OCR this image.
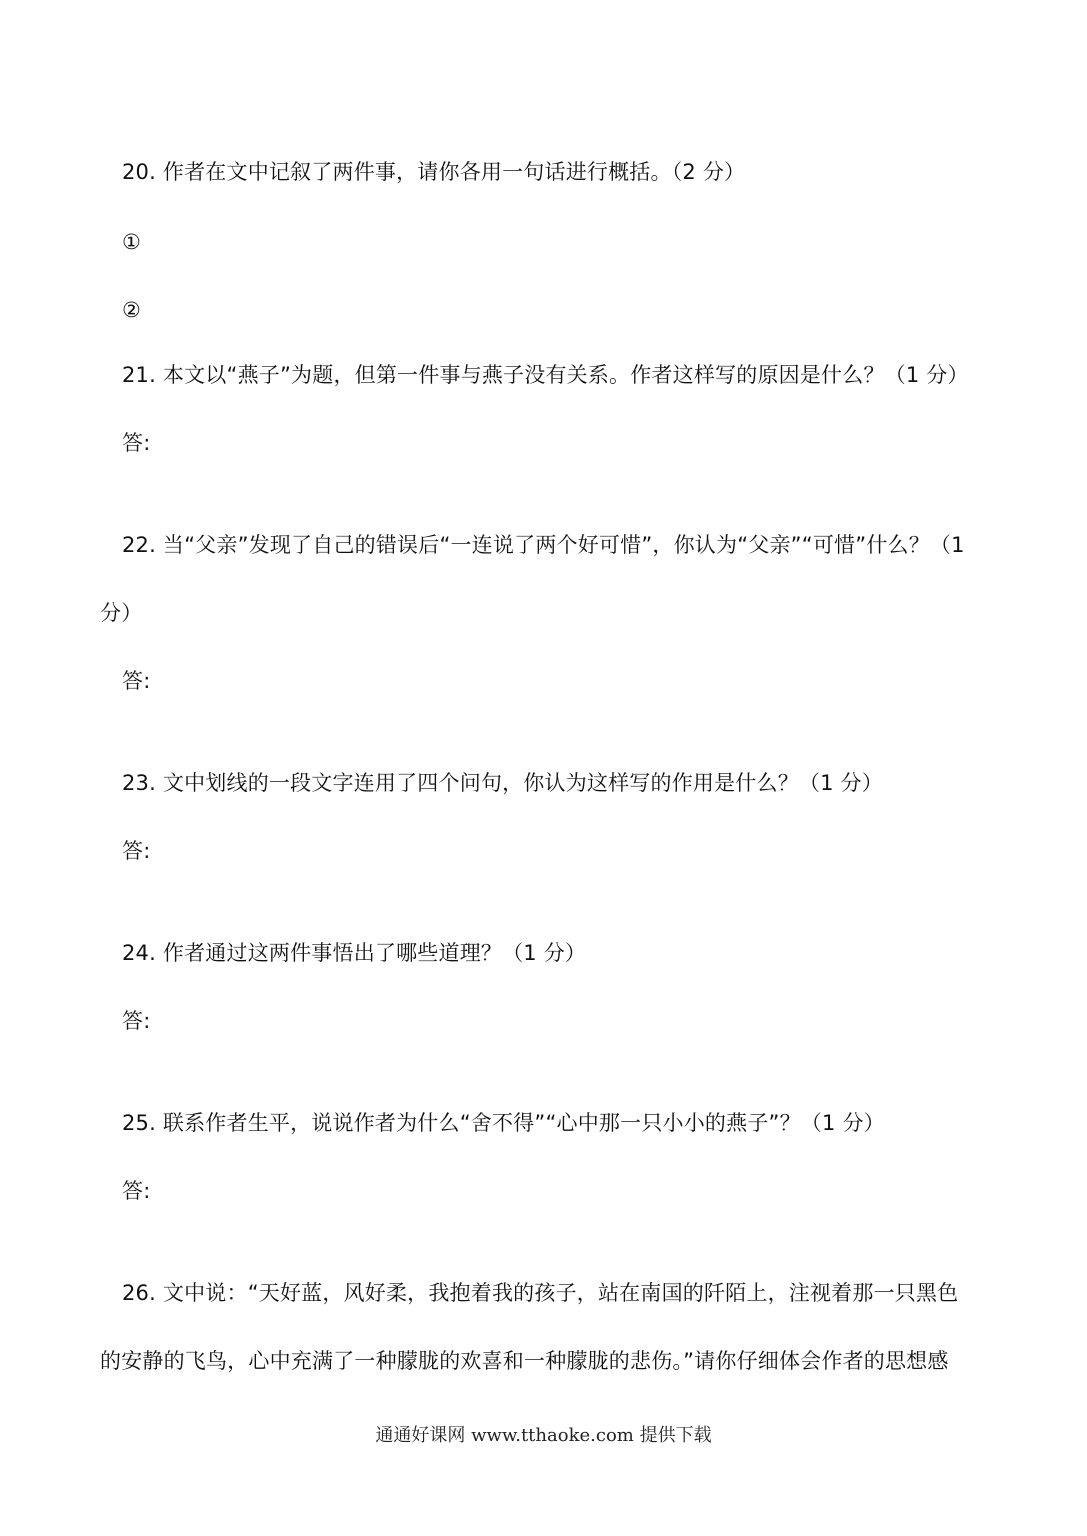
20. 作者在文中记叙了两件事，请你各用一句话进行概括。（2 分）
①
②
21. 本文以“燕子”为题，但第一件事与燕子没有关系。作者这样写的原因是什么？（1 分）
答:
22. 当“父亲”发现了自己的错误后“一连说了两个好可惜”，你认为“父亲”“可惜”什么？（1
分）
答:
23. 文中划线的一段文字连用了四个问句，你认为这样写的作用是什么？（1 分）
答:
24. 作者通过这两件事悟出了哪些道理？（1 分）
答:
25. 联系作者生平，说说作者为什么“舍不得”“心中那一只小小的燕子”？（1 分）
答:
26. 文中说：“天好蓝，风好柔，我抱着我的孩子，站在南国的阡陌上，注视着那一只黑色
的安静的飞鸟，心中充满了一种朦胧的欢喜和一种朦胧的悲伤。”请你仔细体会作者的思想感
通通好课网 www.tthaoke.com 提供下载
